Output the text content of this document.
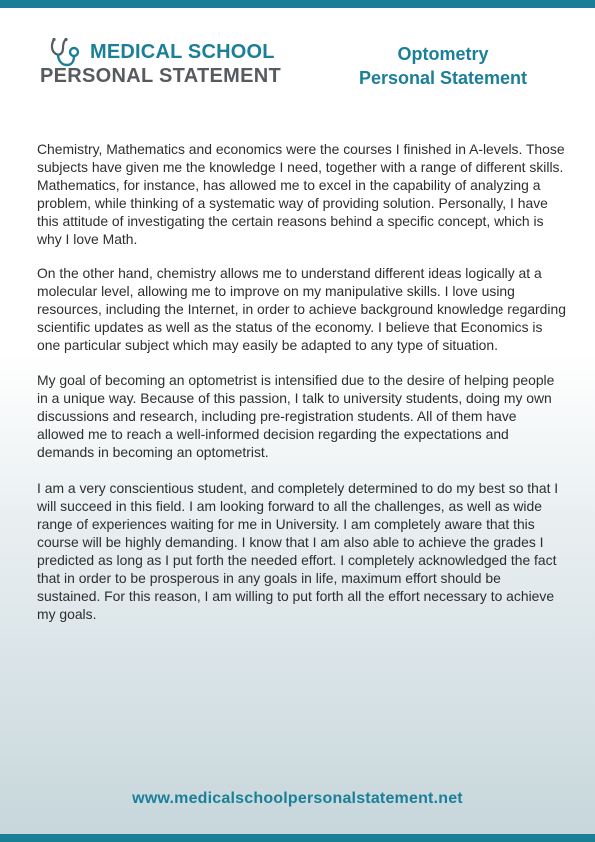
MEDICAL SCHOOL
PERSONAL STATEMENT
Optometry
Personal Statement

Chemistry, Mathematics and economics were the courses I finished in A-levels. Those subjects have given me the knowledge I need, together with a range of different skills. Mathematics, for instance, has allowed me to excel in the capability of analyzing a problem, while thinking of a systematic way of providing solution. Personally, I have this attitude of investigating the certain reasons behind a specific concept, which is why I love Math.

On the other hand, chemistry allows me to understand different ideas logically at a molecular level, allowing me to improve on my manipulative skills. I love using resources, including the Internet, in order to achieve background knowledge regarding scientific updates as well as the status of the economy. I believe that Economics is one particular subject which may easily be adapted to any type of situation.

My goal of becoming an optometrist is intensified due to the desire of helping people in a unique way. Because of this passion, I talk to university students, doing my own discussions and research, including pre-registration students. All of them have allowed me to reach a well-informed decision regarding the expectations and demands in becoming an optometrist.

I am a very conscientious student, and completely determined to do my best so that I will succeed in this field. I am looking forward to all the challenges, as well as wide range of experiences waiting for me in University. I am completely aware that this course will be highly demanding. I know that I am also able to achieve the grades I predicted as long as I put forth the needed effort. I completely acknowledged the fact that in order to be prosperous in any goals in life, maximum effort should be sustained. For this reason, I am willing to put forth all the effort necessary to achieve my goals.

www.medicalschoolpersonalstatement.net
